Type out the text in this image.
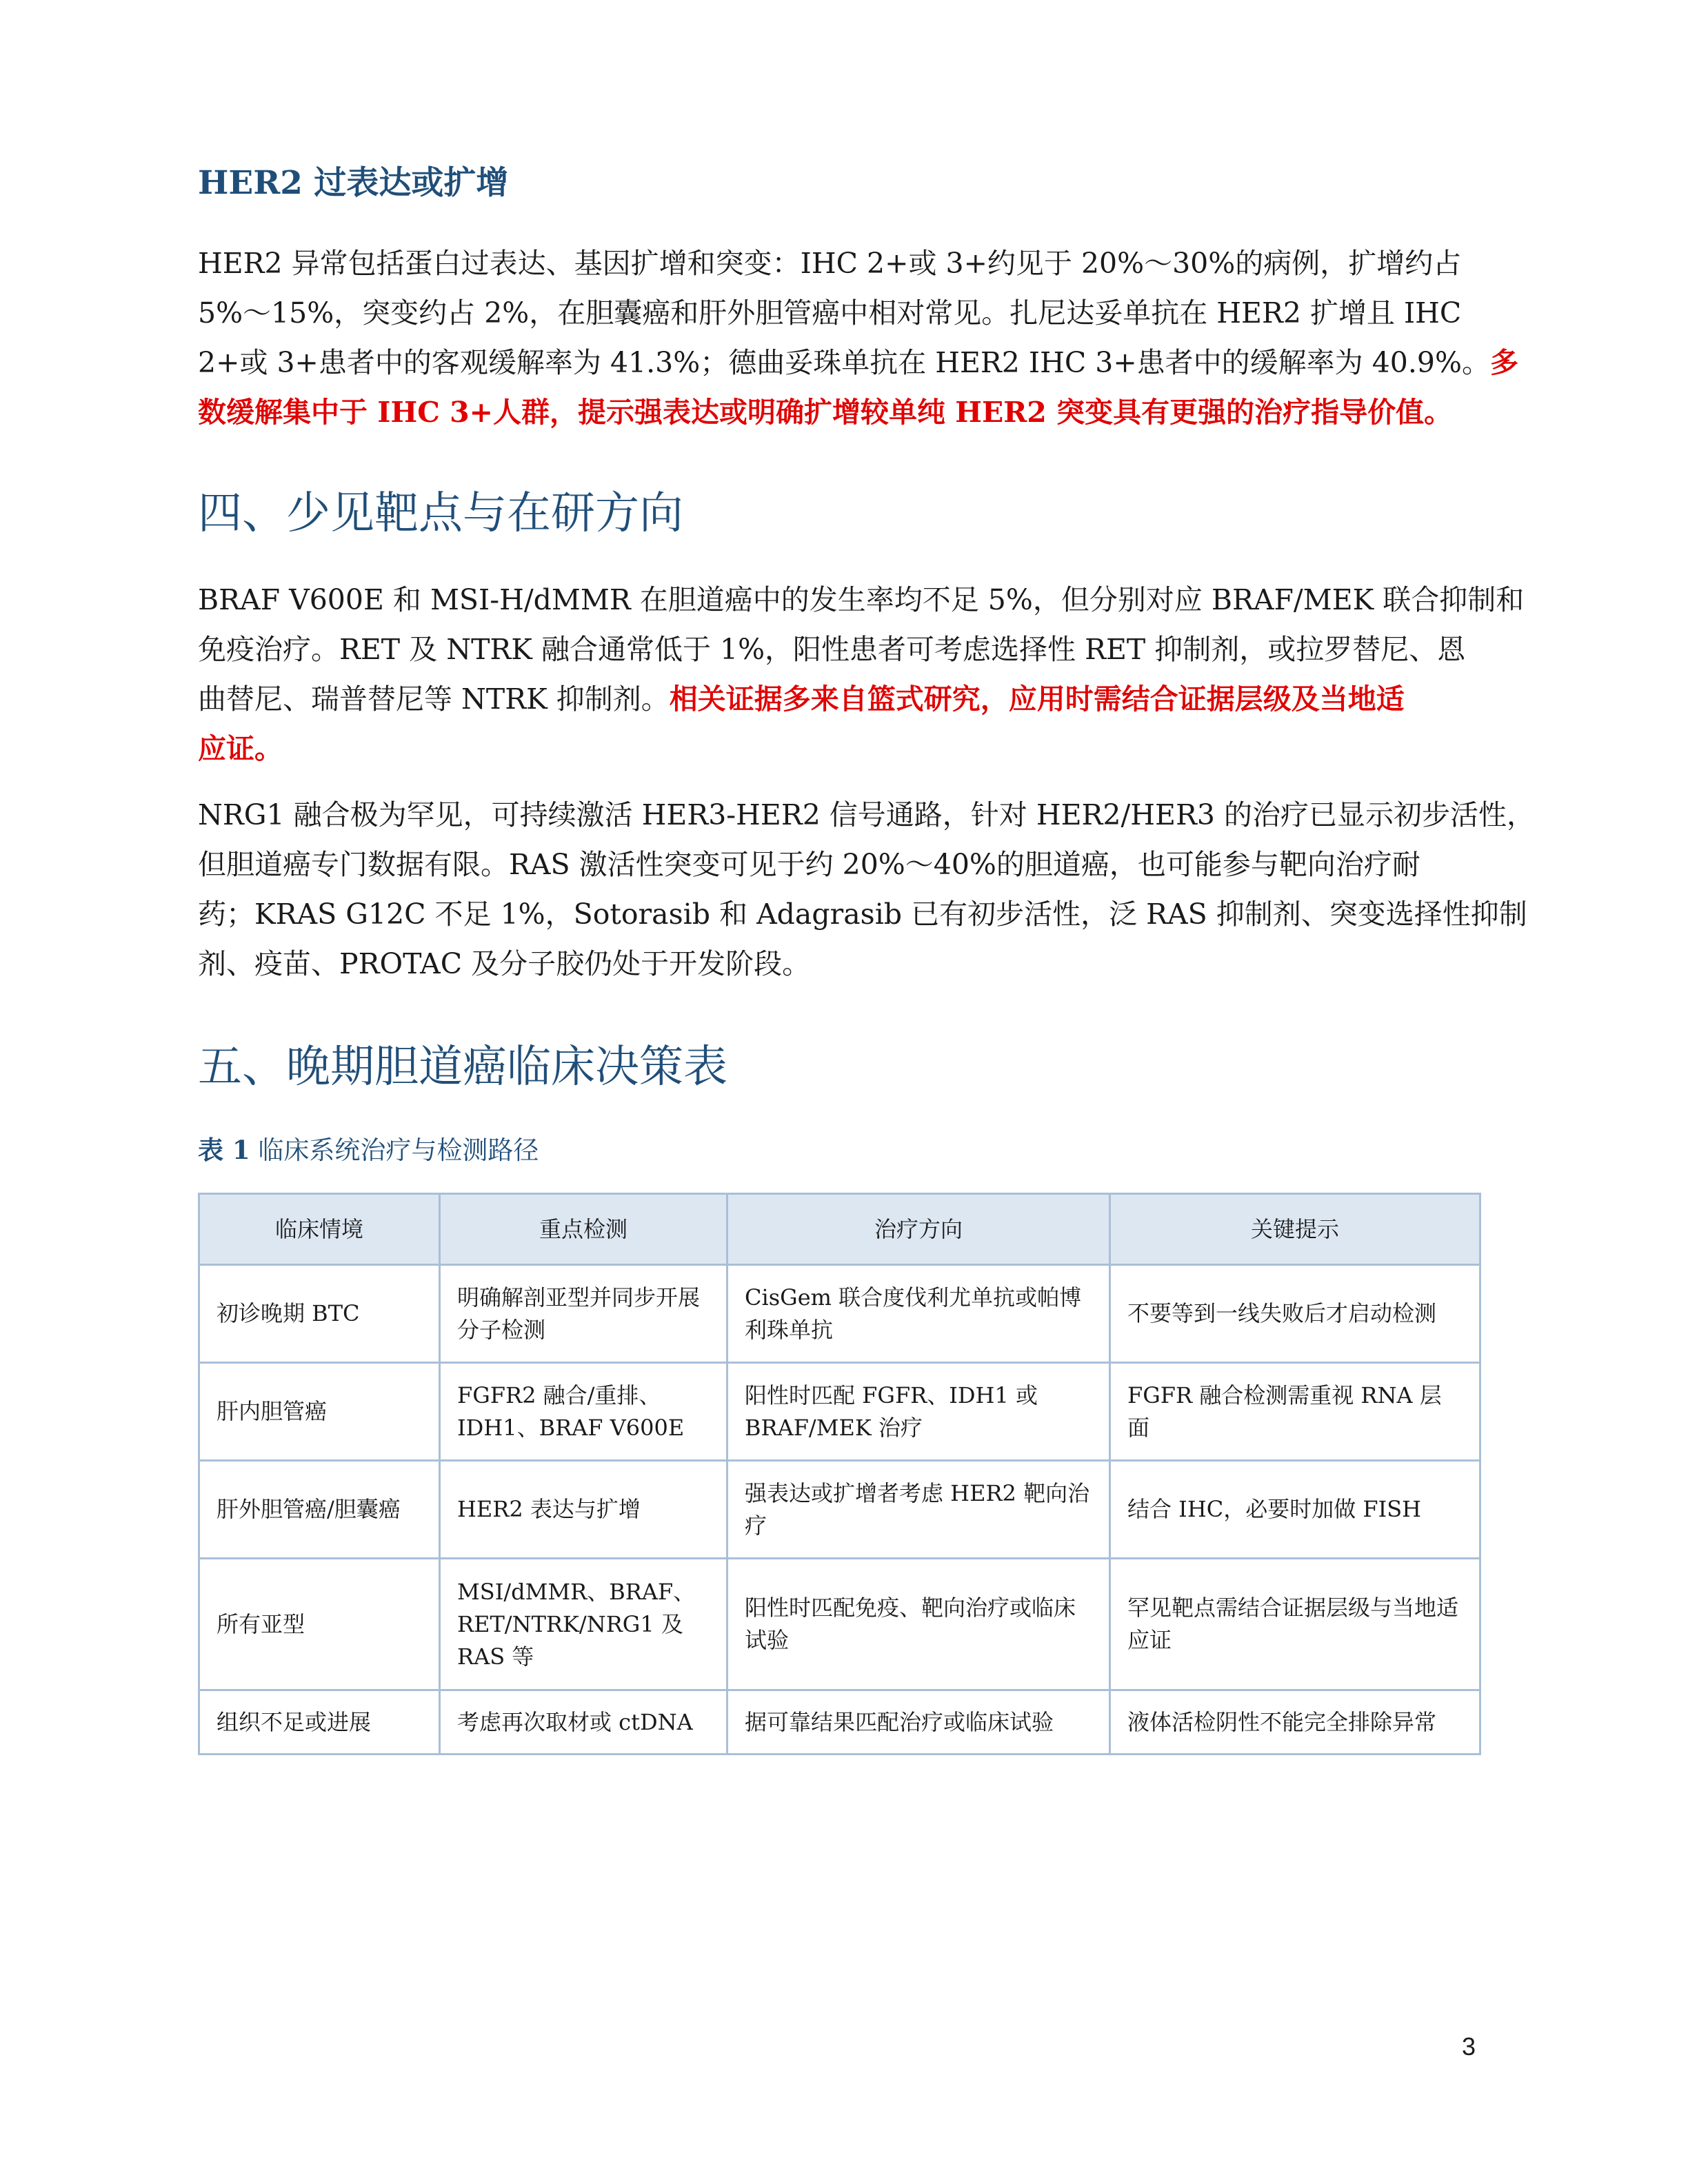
HER2 过表达或扩增
HER2 异常包括蛋白过表达、基因扩增和突变：IHC 2+或 3+约见于 20%～30%的病例，扩增约占
5%～15%，突变约占 2%，在胆囊癌和肝外胆管癌中相对常见。扎尼达妥单抗在 HER2 扩增且 IHC
2+或 3+患者中的客观缓解率为 41.3%；德曲妥珠单抗在 HER2 IHC 3+患者中的缓解率为 40.9%。多
数缓解集中于 IHC 3+人群，提示强表达或明确扩增较单纯 HER2 突变具有更强的治疗指导价值。
四、少见靶点与在研方向
BRAF V600E 和 MSI-H/dMMR 在胆道癌中的发生率均不足 5%，但分别对应 BRAF/MEK 联合抑制和
免疫治疗。RET 及 NTRK 融合通常低于 1%，阳性患者可考虑选择性 RET 抑制剂，或拉罗替尼、恩
曲替尼、瑞普替尼等 NTRK 抑制剂。相关证据多来自篮式研究，应用时需结合证据层级及当地适
应证。
NRG1 融合极为罕见，可持续激活 HER3-HER2 信号通路，针对 HER2/HER3 的治疗已显示初步活性，
但胆道癌专门数据有限。RAS 激活性突变可见于约 20%～40%的胆道癌，也可能参与靶向治疗耐
药；KRAS G12C 不足 1%，Sotorasib 和 Adagrasib 已有初步活性，泛 RAS 抑制剂、突变选择性抑制
剂、疫苗、PROTAC 及分子胶仍处于开发阶段。
五、晚期胆道癌临床决策表
表 1 临床系统治疗与检测路径
临床情境	重点检测	治疗方向	关键提示
初诊晚期 BTC	明确解剖亚型并同步开展分子检测	CisGem 联合度伐利尤单抗或帕博利珠单抗	不要等到一线失败后才启动检测
肝内胆管癌	FGFR2 融合/重排、IDH1、BRAF V600E	阳性时匹配 FGFR、IDH1 或 BRAF/MEK 治疗	FGFR 融合检测需重视 RNA 层面
肝外胆管癌/胆囊癌	HER2 表达与扩增	强表达或扩增者考虑 HER2 靶向治疗	结合 IHC，必要时加做 FISH
所有亚型	MSI/dMMR、BRAF、RET/NTRK/NRG1 及 RAS 等	阳性时匹配免疫、靶向治疗或临床试验	罕见靶点需结合证据层级与当地适应证
组织不足或进展	考虑再次取材或 ctDNA	据可靠结果匹配治疗或临床试验	液体活检阴性不能完全排除异常
3
